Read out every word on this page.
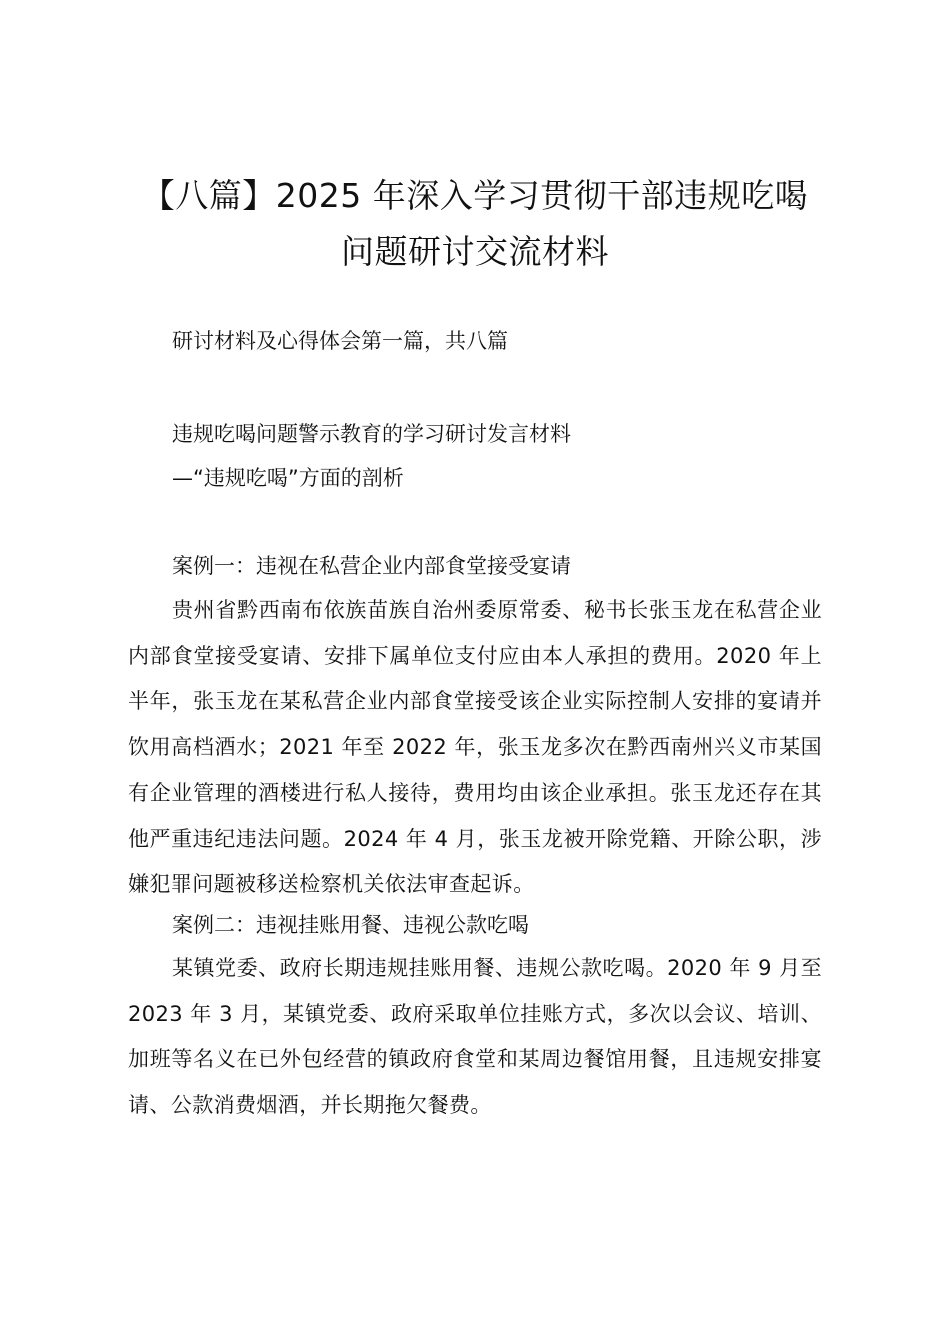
【八篇】2025 年深入学习贯彻干部违规吃喝
问题研讨交流材料

研讨材料及心得体会第一篇，共八篇

违规吃喝问题警示教育的学习研讨发言材料

—“违规吃喝”方面的剖析

案例一：违视在私营企业内部食堂接受宴请

贵州省黔西南布依族苗族自治州委原常委、秘书长张玉龙在私营企业内部食堂接受宴请、安排下属单位支付应由本人承担的费用。2020 年上半年，张玉龙在某私营企业内部食堂接受该企业实际控制人安排的宴请并饮用高档酒水；2021 年至 2022 年，张玉龙多次在黔西南州兴义市某国有企业管理的酒楼进行私人接待，费用均由该企业承担。张玉龙还存在其他严重违纪违法问题。2024 年 4 月，张玉龙被开除党籍、开除公职，涉嫌犯罪问题被移送检察机关依法审查起诉。

案例二：违视挂账用餐、违视公款吃喝

某镇党委、政府长期违规挂账用餐、违规公款吃喝。2020 年 9 月至 2023 年 3 月，某镇党委、政府采取单位挂账方式，多次以会议、培训、加班等名义在已外包经营的镇政府食堂和某周边餐馆用餐，且违规安排宴请、公款消费烟酒，并长期拖欠餐费。
